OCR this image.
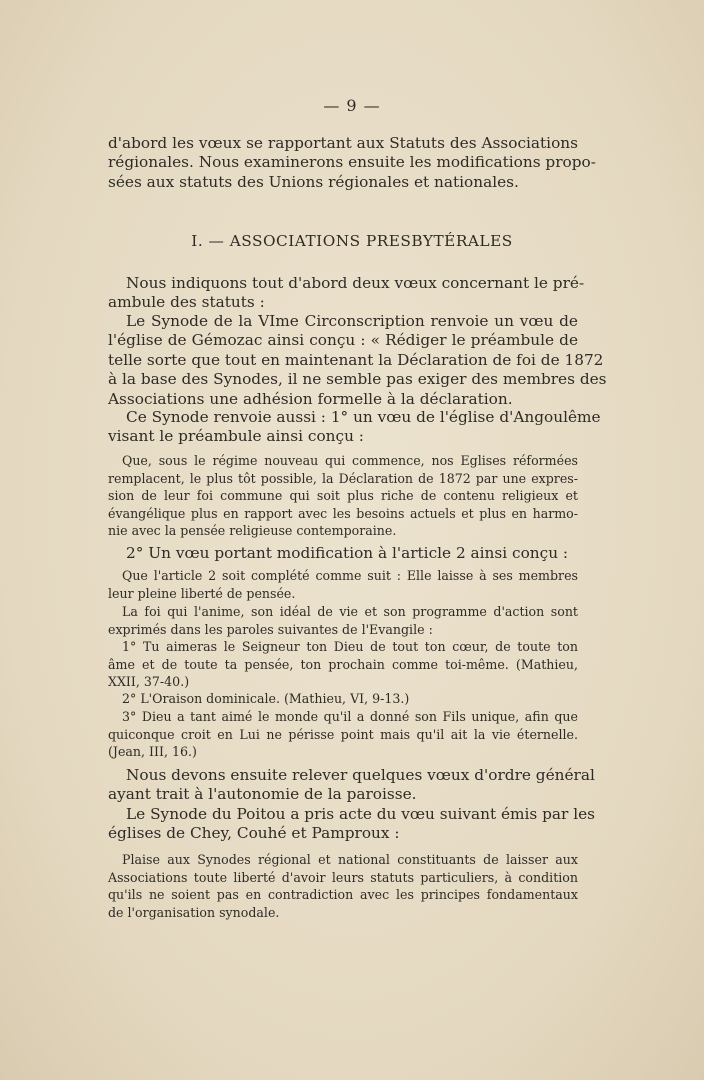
— 9 —

d'abord les vœux se rapportant aux Statuts des Associations
régionales. Nous examinerons ensuite les modifications propo-
sées aux statuts des Unions régionales et nationales.

I. — ASSOCIATIONS PRESBYTÉRALES

Nous indiquons tout d'abord deux vœux concernant le pré-
ambule des statuts :

Le Synode de la VIme Circonscription renvoie un vœu de
l'église de Gémozac ainsi conçu : « Rédiger le préambule de
telle sorte que tout en maintenant la Déclaration de foi de 1872
à la base des Synodes, il ne semble pas exiger des membres des
Associations une adhésion formelle à la déclaration.

Ce Synode renvoie aussi : 1° un vœu de l'église d'Angoulême
visant le préambule ainsi conçu :

Que, sous le régime nouveau qui commence, nos Eglises réformées
remplacent, le plus tôt possible, la Déclaration de 1872 par une expres-
sion de leur foi commune qui soit plus riche de contenu religieux et
évangélique plus en rapport avec les besoins actuels et plus en harmo-
nie avec la pensée religieuse contemporaine.

2° Un vœu portant modification à l'article 2 ainsi conçu :

Que l'article 2 soit complété comme suit : Elle laisse à ses membres
leur pleine liberté de pensée.

La foi qui l'anime, son idéal de vie et son programme d'action sont
exprimés dans les paroles suivantes de l'Evangile :

1° Tu aimeras le Seigneur ton Dieu de tout ton cœur, de toute ton
âme et de toute ta pensée, ton prochain comme toi-même. (Mathieu,
XXII, 37-40.)

2° L'Oraison dominicale. (Mathieu, VI, 9-13.)

3° Dieu a tant aimé le monde qu'il a donné son Fils unique, afin que
quiconque croit en Lui ne périsse point mais qu'il ait la vie éternelle.
(Jean, III, 16.)

Nous devons ensuite relever quelques vœux d'ordre général
ayant trait à l'autonomie de la paroisse.

Le Synode du Poitou a pris acte du vœu suivant émis par les
églises de Chey, Couhé et Pamproux :

Plaise aux Synodes régional et national constituants de laisser aux
Associations toute liberté d'avoir leurs statuts particuliers, à condition
qu'ils ne soient pas en contradiction avec les principes fondamentaux
de l'organisation synodale.
